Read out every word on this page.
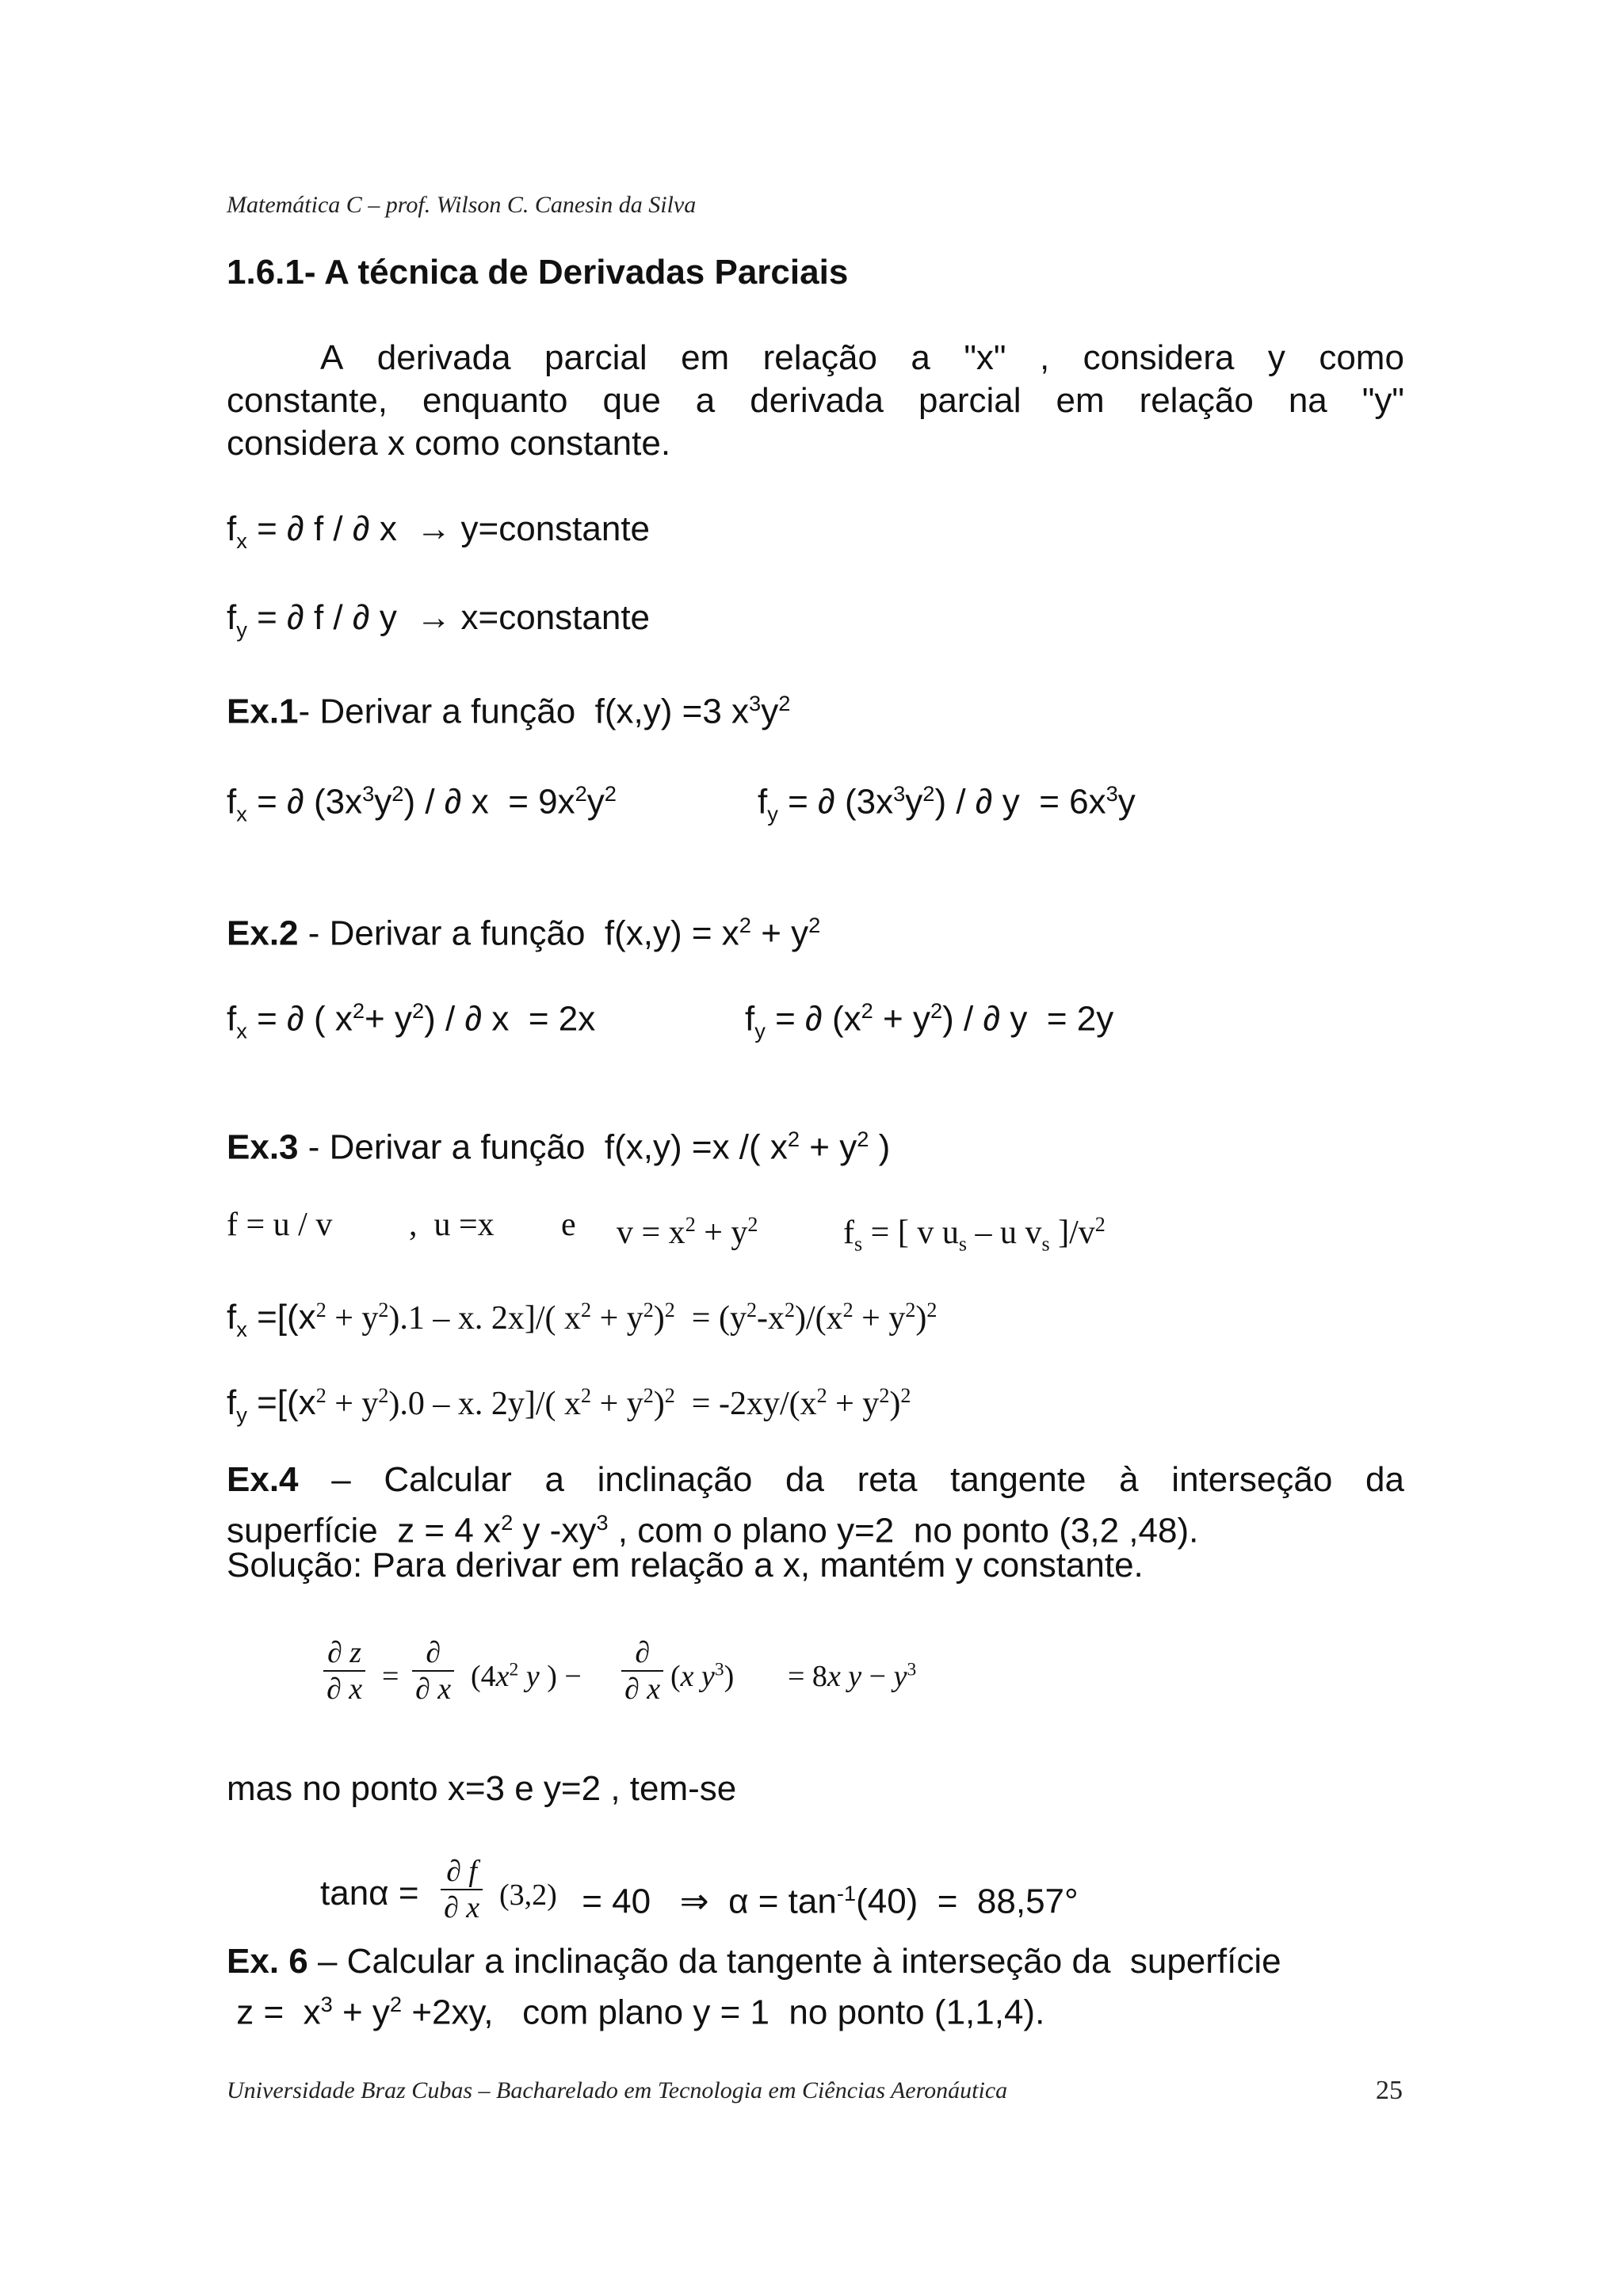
Matemática C – prof. Wilson C. Canesin da Silva
1.6.1- A técnica de Derivadas Parciais
A derivada parcial em relação a "x" , considera y como
constante, enquanto que a derivada parcial em relação na "y"
considera x como constante.
$f_x$ = ∂ f / ∂ x  → y=constante
$f_y$ = ∂ f / ∂ y  → x=constante
Ex.1- Derivar a função  f(x,y) =3 $x^3y^2$
$f_x$ = ∂ $(3x^3y^2)$ / ∂ $x = 9x^2y^2$	$f_y$ = ∂ $(3x^3y^2)$ / ∂ $y = 6x^3y$
Ex.2 - Derivar a função  $f(x,y) = x^2 + y^2$
$f_x$ = ∂ ( $x^2+ y^2$) / ∂ x  = 2x	$f_y$ = ∂ $(x^2 + y^2)$ / ∂ y  = 2y
Ex.3 - Derivar a função  f(x,y) =x /( $x^2 + y^2$ )
f = u / v ,  u =x e $v = x^2 + y^2$	$f_s$ = [ v $u_s$ – u $v_s$ ]$/v^2$
$f_x =[(x^2 + y^2).1 - x$. 2x]/( $x^2 + y^2)^2 = (y^2-x^2)/(x^2 + y^2)^2$
$f_y =[(x^2 + y^2).0 - x$. 2y]/( $x^2 + y^2)^2 = -2xy/(x^2 + y^2)^2$
Ex.4 – Calcular a inclinação da reta tangente à interseção da
superfície  z = 4 $x^2$ y $-xy^3$ , com o plano y=2  no ponto (3,2 ,48).
Solução: Para derivar em relação a x, mantém y constante.
∂ z
∂ x =
∂
∂ x ($4x^2$ y ) −
∂
∂ x (x $y^3) = 8x$ $y - y^3$
mas no ponto x=3 e y=2 , tem-se
tanα =
∂ f
∂ x (3,2) = 40   ⇒  $\alpha = \tan^{-1}(40) = 88,57^\circ$
Ex. 6 – Calcular a inclinação da tangente à interseção da  superfície
$z = x^3 + y^2 +2xy$,   com plano y = 1  no ponto (1,1,4).
Universidade Braz Cubas – Bacharelado em Tecnologia em Ciências Aeronáutica	25
